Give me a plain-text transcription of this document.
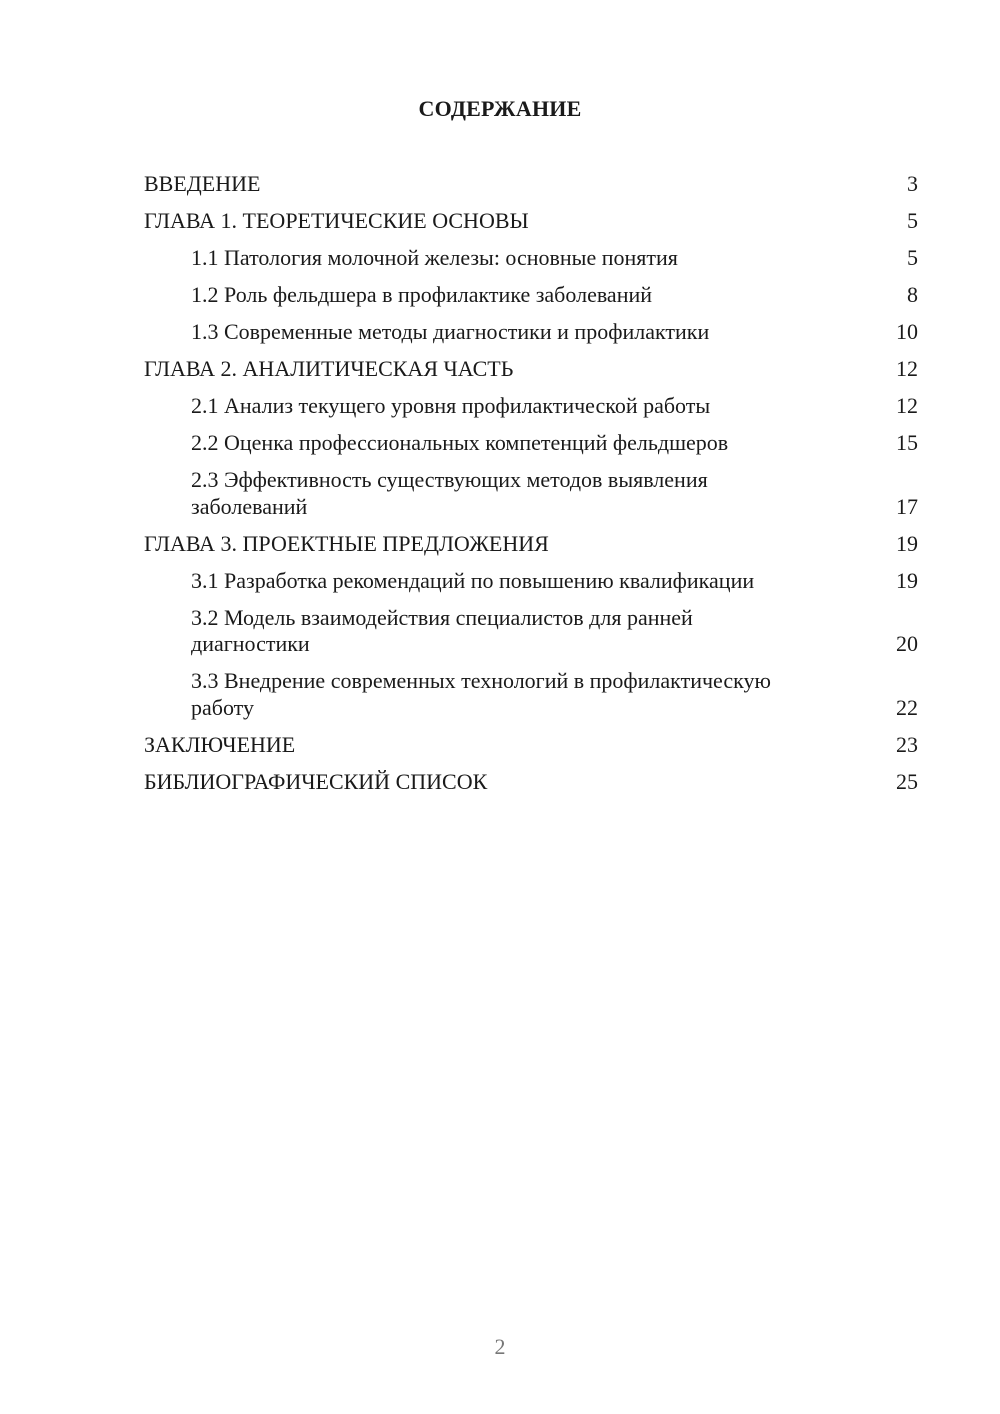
СОДЕРЖАНИЕ
ВВЕДЕНИЕ	3
ГЛАВА 1. ТЕОРЕТИЧЕСКИЕ ОСНОВЫ	5
1.1 Патология молочной железы: основные понятия	5
1.2 Роль фельдшера в профилактике заболеваний	8
1.3 Современные методы диагностики и профилактики	10
ГЛАВА 2. АНАЛИТИЧЕСКАЯ ЧАСТЬ	12
2.1 Анализ текущего уровня профилактической работы	12
2.2 Оценка профессиональных компетенций фельдшеров	15
2.3 Эффективность существующих методов выявления заболеваний	17
ГЛАВА 3. ПРОЕКТНЫЕ ПРЕДЛОЖЕНИЯ	19
3.1 Разработка рекомендаций по повышению квалификации	19
3.2 Модель взаимодействия специалистов для ранней диагностики	20
3.3 Внедрение современных технологий в профилактическую работу	22
ЗАКЛЮЧЕНИЕ	23
БИБЛИОГРАФИЧЕСКИЙ СПИСОК	25
2
